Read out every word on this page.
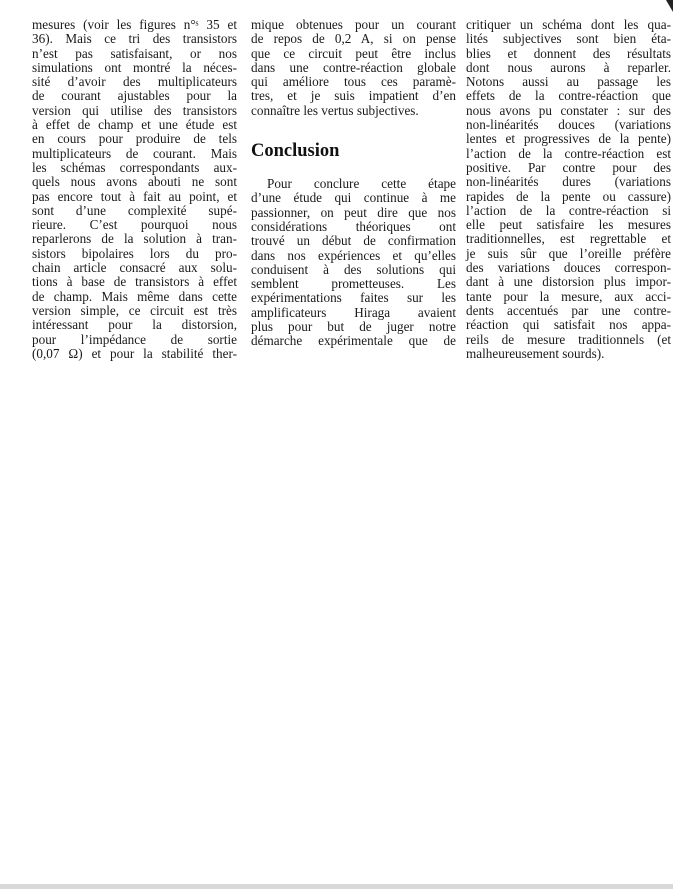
mesures (voir les figures n°ˢ 35 et
36). Mais ce tri des transistors
n’est pas satisfaisant, or nos
simulations ont montré la néces-
sité d’avoir des multiplicateurs
de courant ajustables pour la
version qui utilise des transistors
à effet de champ et une étude est
en cours pour produire de tels
multiplicateurs de courant. Mais
les schémas correspondants aux-
quels nous avons abouti ne sont
pas encore tout à fait au point, et
sont d’une complexité supé-
rieure. C’est pourquoi nous
reparlerons de la solution à tran-
sistors bipolaires lors du pro-
chain article consacré aux solu-
tions à base de transistors à effet
de champ. Mais même dans cette
version simple, ce circuit est très
intéressant pour la distorsion,
pour l’impédance de sortie
(0,07 Ω) et pour la stabilité ther-
mique obtenues pour un courant
de repos de 0,2 A, si on pense
que ce circuit peut être inclus
dans une contre-réaction globale
qui améliore tous ces paramè-
tres, et je suis impatient d’en
connaître les vertus subjectives.
Conclusion
Pour conclure cette étape
d’une étude qui continue à me
passionner, on peut dire que nos
considérations théoriques ont
trouvé un début de confirmation
dans nos expériences et qu’elles
conduisent à des solutions qui
semblent prometteuses. Les
expérimentations faites sur les
amplificateurs Hiraga avaient
plus pour but de juger notre
démarche expérimentale que de
critiquer un schéma dont les qua-
lités subjectives sont bien éta-
blies et donnent des résultats
dont nous aurons à reparler.
Notons aussi au passage les
effets de la contre-réaction que
nous avons pu constater : sur des
non-linéarités douces (variations
lentes et progressives de la pente)
l’action de la contre-réaction est
positive. Par contre pour des
non-linéarités dures (variations
rapides de la pente ou cassure)
l’action de la contre-réaction si
elle peut satisfaire les mesures
traditionnelles, est regrettable et
je suis sûr que l’oreille préfère
des variations douces correspon-
dant à une distorsion plus impor-
tante pour la mesure, aux acci-
dents accentués par une contre-
réaction qui satisfait nos appa-
reils de mesure traditionnels (et
malheureusement sourds).
